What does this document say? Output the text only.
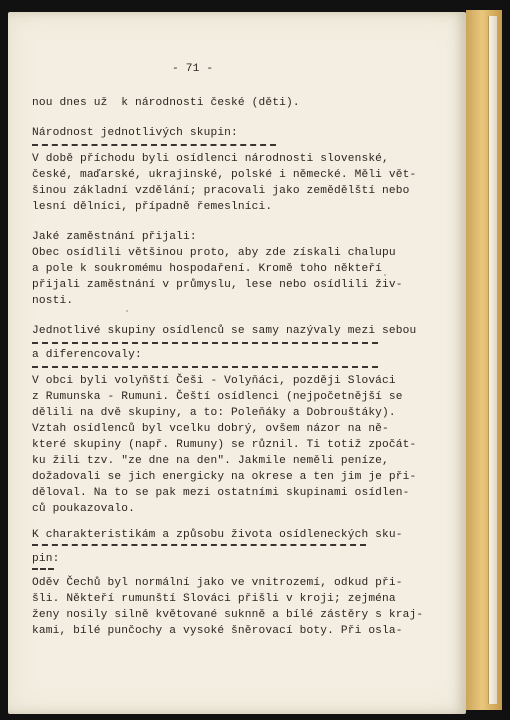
- 71 -
nou dnes už  k národnosti české (děti).
Národnost jednotlivých skupin:
V době příchodu byli osídlenci národnosti slovenské,
české, maďarské, ukrajinské, polské i německé. Měli vět-
šinou základní vzdělání; pracovali jako zemědělští nebo
lesní dělníci, případně řemeslníci.
Jaké zaměstnání přijali:
Obec osídlili většinou proto, aby zde získali chalupu
a pole k soukromému hospodaření. Kromě toho někteří
přijali zaměstnání v průmyslu, lese nebo osídlili živ-
nosti.
Jednotlivé skupiny osídlenců se samy nazývaly mezi sebou
a diferencovaly:
V obci byli volyňští Češi - Volyňáci, později Slováci
z Rumunska - Rumuni. Čeští osídlenci (nejpočetnější se
dělili na dvě skupiny, a to: Poleňáky a Dobrouštáky).
Vztah osídlenců byl vcelku dobrý, ovšem názor na ně-
které skupiny (např. Rumuny) se různil. Ti totiž zpočát-
ku žili tzv. "ze dne na den". Jakmile neměli peníze,
dožadovali se jich energicky na okrese a ten jim je při-
děloval. Na to se pak mezi ostatními skupinami osídlen-
ců poukazovalo.
K charakteristikám a způsobu života osídleneckých sku-
pin:
Oděv Čechů byl normální jako ve vnitrozemí, odkud při-
šli. Někteří rumunští Slováci přišli v kroji; zejména
ženy nosily silně květované suknně a bílé zástěry s kraj-
kami, bílé punčochy a vysoké šněrovací boty. Při osla-
